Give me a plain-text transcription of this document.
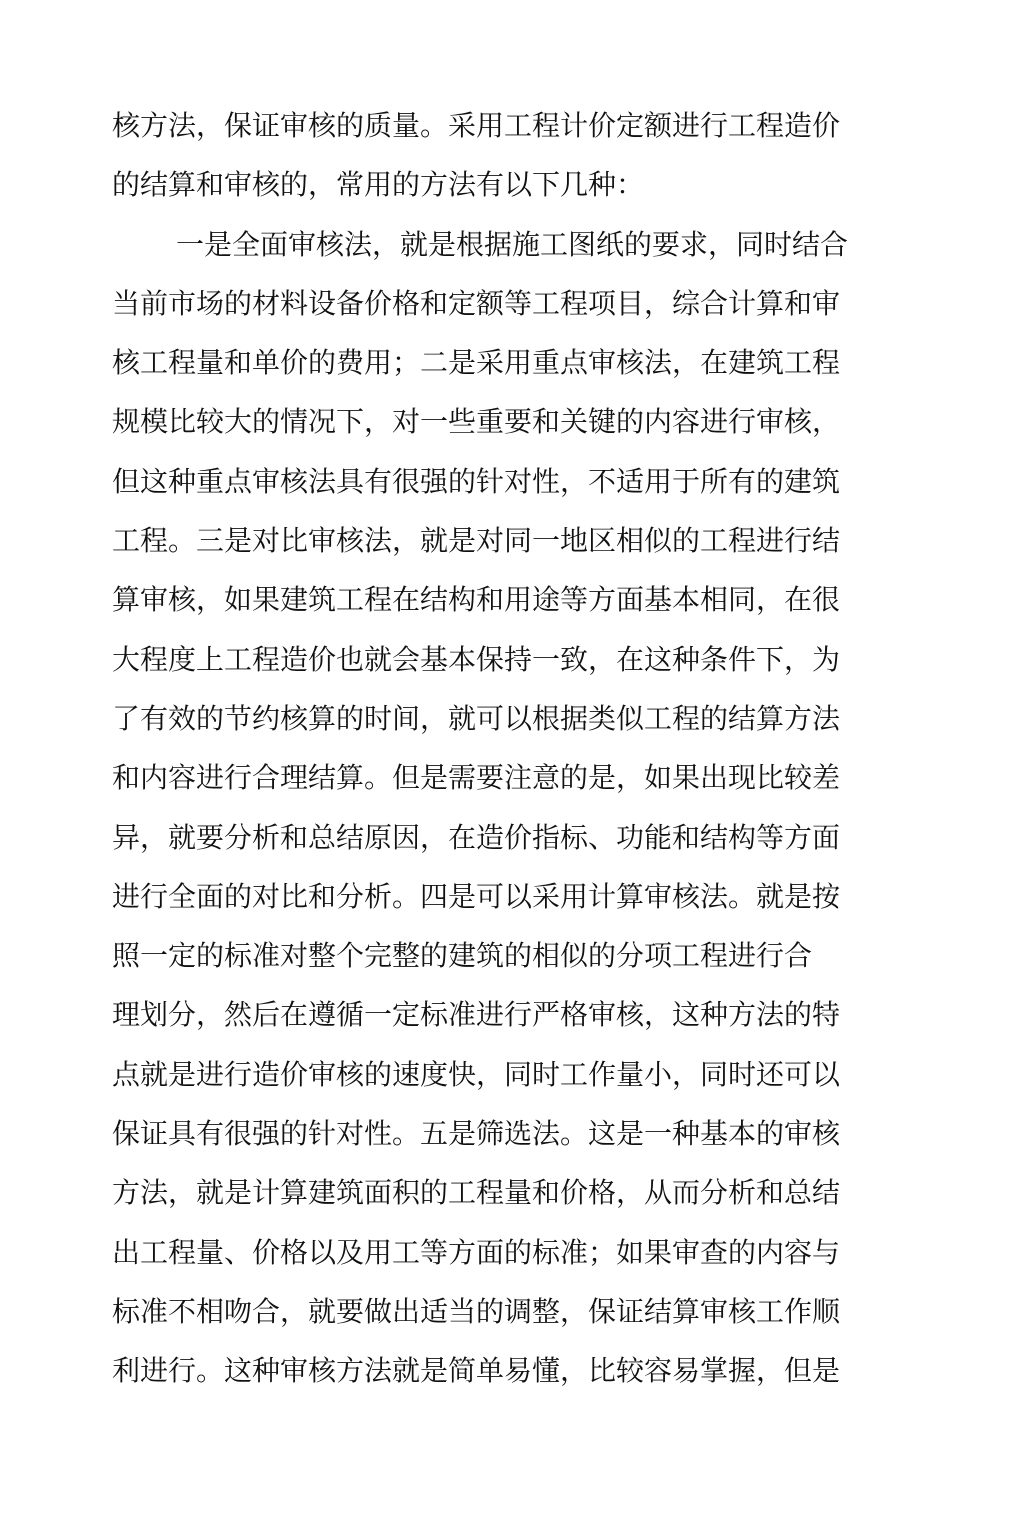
核方法，保证审核的质量。采用工程计价定额进行工程造价
的结算和审核的，常用的方法有以下几种：
一是全面审核法，就是根据施工图纸的要求，同时结合
当前市场的材料设备价格和定额等工程项目，综合计算和审
核工程量和单价的费用；二是采用重点审核法，在建筑工程
规模比较大的情况下，对一些重要和关键的内容进行审核，
但这种重点审核法具有很强的针对性，不适用于所有的建筑
工程。三是对比审核法，就是对同一地区相似的工程进行结
算审核，如果建筑工程在结构和用途等方面基本相同，在很
大程度上工程造价也就会基本保持一致，在这种条件下，为
了有效的节约核算的时间，就可以根据类似工程的结算方法
和内容进行合理结算。但是需要注意的是，如果出现比较差
异，就要分析和总结原因，在造价指标、功能和结构等方面
进行全面的对比和分析。四是可以采用计算审核法。就是按
照一定的标准对整个完整的建筑的相似的分项工程进行合
理划分，然后在遵循一定标准进行严格审核，这种方法的特
点就是进行造价审核的速度快，同时工作量小，同时还可以
保证具有很强的针对性。五是筛选法。这是一种基本的审核
方法，就是计算建筑面积的工程量和价格，从而分析和总结
出工程量、价格以及用工等方面的标准；如果审查的内容与
标准不相吻合，就要做出适当的调整，保证结算审核工作顺
利进行。这种审核方法就是简单易懂，比较容易掌握，但是
